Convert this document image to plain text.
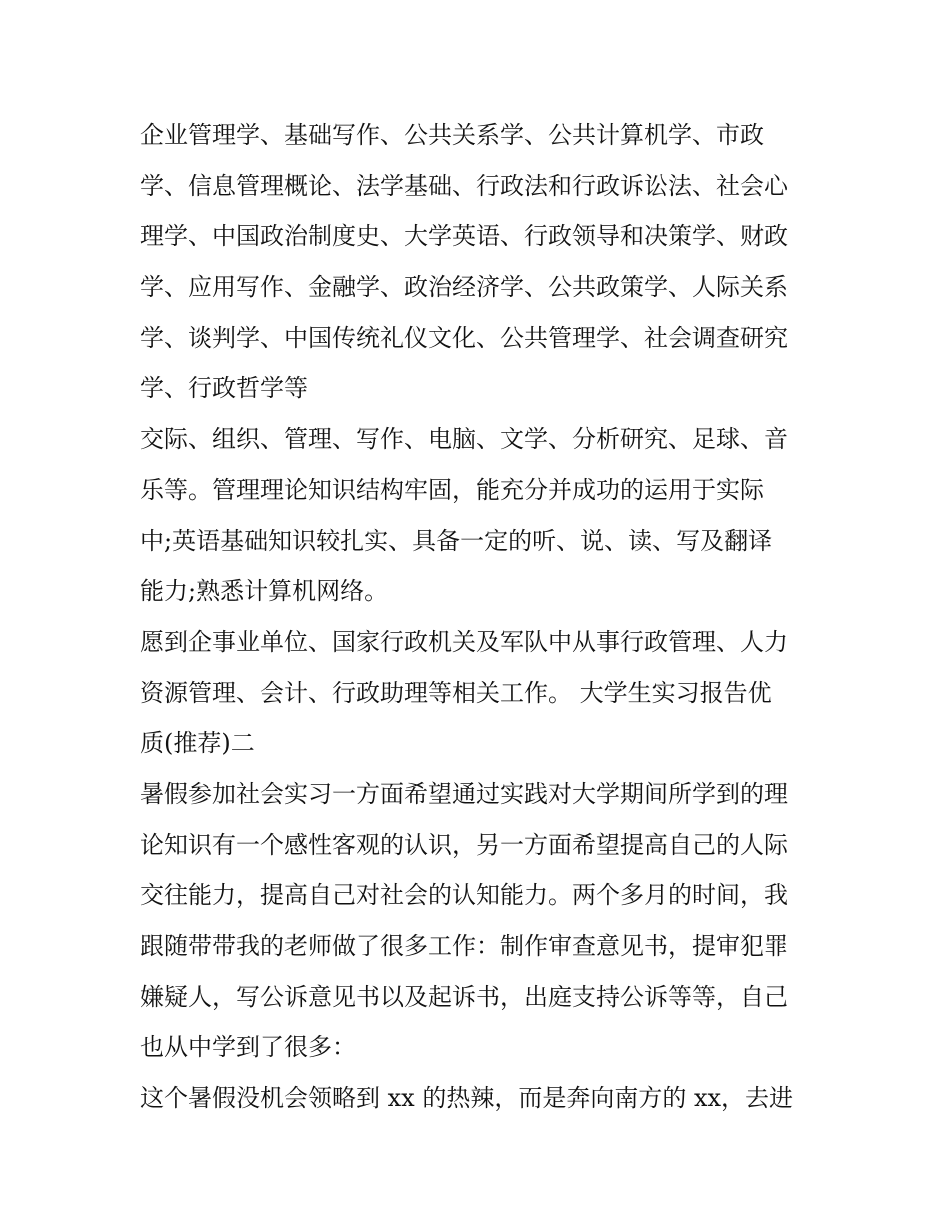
企业管理学、基础写作、公共关系学、公共计算机学、市政
学、信息管理概论、法学基础、行政法和行政诉讼法、社会心
理学、中国政治制度史、大学英语、行政领导和决策学、财政
学、应用写作、金融学、政治经济学、公共政策学、人际关系
学、谈判学、中国传统礼仪文化、公共管理学、社会调查研究
学、行政哲学等
交际、组织、管理、写作、电脑、文学、分析研究、足球、音
乐等。管理理论知识结构牢固，能充分并成功的运用于实际
中;英语基础知识较扎实、具备一定的听、说、读、写及翻译
能力;熟悉计算机网络。
愿到企事业单位、国家行政机关及军队中从事行政管理、人力
资源管理、会计、行政助理等相关工作。 大学生实习报告优
质(推荐)二
暑假参加社会实习一方面希望通过实践对大学期间所学到的理
论知识有一个感性客观的认识，另一方面希望提高自己的人际
交往能力，提高自己对社会的认知能力。两个多月的时间，我
跟随带带我的老师做了很多工作：制作审查意见书，提审犯罪
嫌疑人，写公诉意见书以及起诉书，出庭支持公诉等等，自己
也从中学到了很多：
这个暑假没机会领略到 xx 的热辣，而是奔向南方的 xx，去进
